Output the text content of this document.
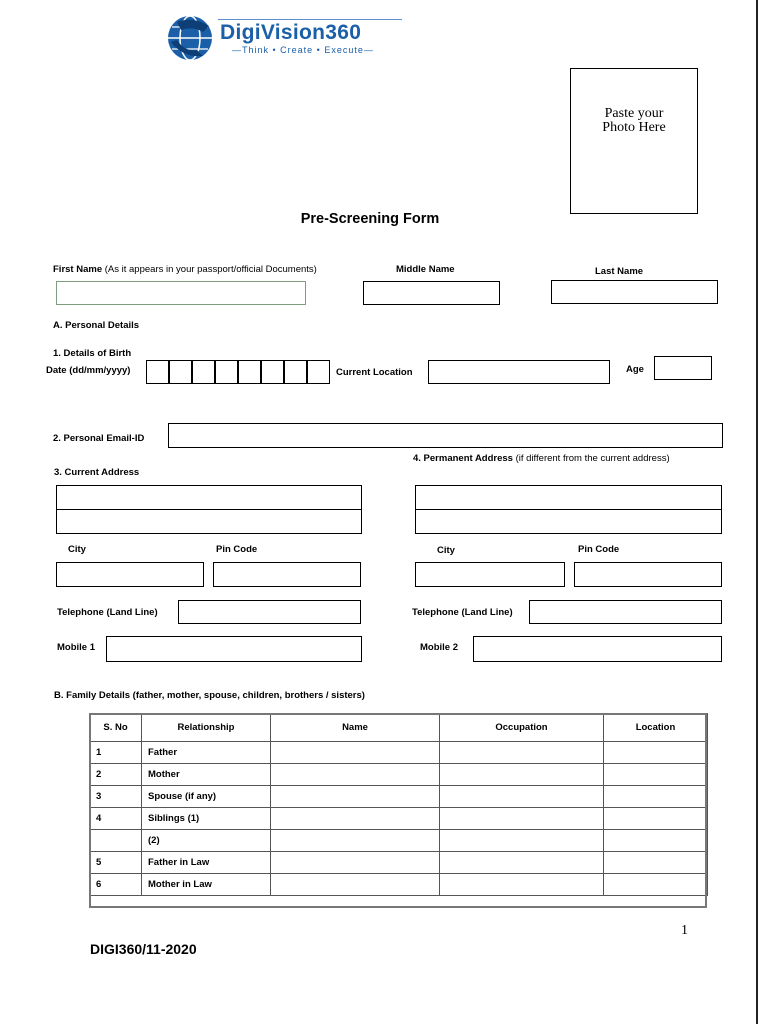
DigiVision360
—Think • Create • Execute—
Paste your
Photo Here
Pre-Screening Form
First Name (As it appears in your passport/official Documents)	Middle Name	Last Name
A. Personal Details
1. Details of Birth
Date (dd/mm/yyyy)	Current Location	Age
2. Personal Email-ID
3. Current Address
4. Permanent Address (if different from the current address)
City	Pin Code	City	Pin Code
Telephone (Land Line)	Telephone (Land Line)
Mobile 1	Mobile 2
B. Family Details (father, mother, spouse, children, brothers / sisters)
S. No	Relationship	Name	Occupation	Location
1	Father			
2	Mother			
3	Spouse (if any)			
4	Siblings (1)			
	(2)			
5	Father in Law			
6	Mother in Law			
1
DIGI360/11-2020
